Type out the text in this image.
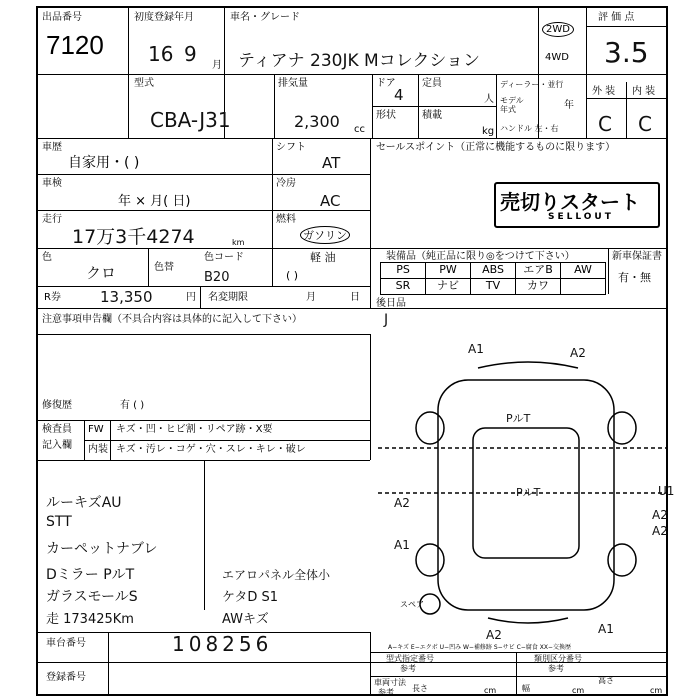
出品番号
7120
初度登録年月
16 9 月
車名・グレード
ティアナ 230JK Mコレクション
2WD
4WD
評 価 点
3.5
型式
CBA-J31
排気量
2,300 cc
ドア
4
定員
人
形状	積載
kg
ディーラー・並行
モデル
年式	年
ハンドル 左・右
外 装 内 装
C C
車歴
自家用・( )
シフト
AT
車検
年 × 月( 日)
冷房
AC
走行
17万3千4274	km
燃料
ガソリン
軽 油
( )
色
クロ	色替
色コード
B20
R券	13,350	円 名変期限	月	日
セールスポイント（正常に機能するものに限ります）
売切りスタート
SELLOUT
装備品（純正品に限り◎をつけて下さい）	新車保証書
有・無
PS	PW	ABS	エアB	AW
SR	ナビ	TV	カワ
後日品
J
注意事項申告欄（不具合内容は具体的に記入して下さい）
修復歴	有 ( )
検査員
記入欄
FW キズ・凹・ヒビ割・リペア跡・X要
内装 キズ・汚レ・コゲ・穴・スレ・キレ・破レ
ルーキズAU
STT
カーペットナブレ
Dミラー PルT
ガラスモールS
走 173425Km
エアロパネル全体小
ケタD S1
AWキズ
A1	A2
PルT
PルT
A2
A1
A2
A2
A2	A1
U1
スペア
A−キズ E−エクボ U−凹み W−補修跡 S−サビ C−腐食 XX−交換歴
車台番号	108256
登録番号
型式指定番号
参考
類別区分番号
参考
車両寸法
参考 長さ	cm	幅	cm
高さ
cm
